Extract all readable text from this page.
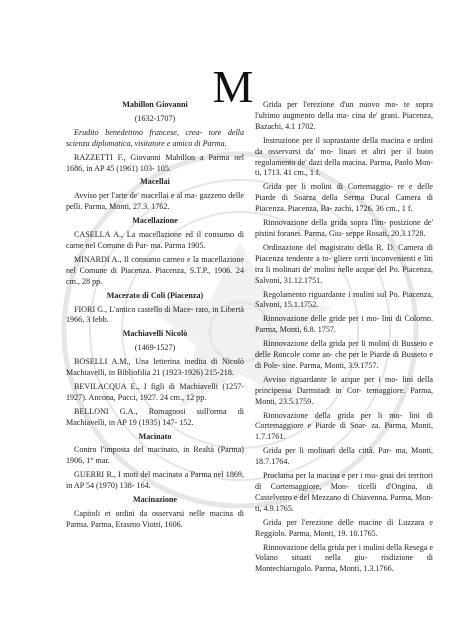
M

Mabillon Giovanni

(1632-1707)

Erudito benedettino francese, crea- tore della scienza diplomatica, visitatore e amico di Parma.

RAZZETTI F., Giovanni Mabillon a Parma nel 1686, in AP 45 (1961) 103- 105.

Macellai

Avviso per l'arte de' macellai e al ma- gazzeno delle pelli. Parma, Monti, 27.3. 1762.

Macellazione

CASELLA A., La macellazione ed il consumo di carne nel Comune di Par- ma. Parma 1905.

MINARDI A., Il consumo carneo e la macellazione nel Comune di Piacenza. Piacenza, S.T.P., 1906. 24 cm., 28 pp.

Macerato di Coli (Piacenza)

FIORI G., L'antico castello di Mace- rato, in Libertà 1966, 3 febb.

Machiavelli Nicolò

(1469-1527)

BOSELLI A.M., Una letterina inedita di Nicolò Machiavelli, in Bibliofilia 21 (1923-1926) 215-218.

BEVILACQUA E., I figli di Machiavelli (1257-1927). Ancona, Pucci, 1927. 24 cm., 12 pp.

BELLONI G.A., Romagnosi sull'orma di Machiavelli, in AP 19 (1935) 147- 152.

Macinato

Contro l'imposta del macinato, in Realtà (Parma) 1906, 1° mar.

GUERRI R., I moti del macinato a Parma nel 1869, in AP 54 (1970) 138- 164.

Macinazione

Capitoli et ordini da osservarsi nelle macina di Parma. Parma, Erasmo Viotti, 1606.

Grida per l'erezione d'un nuovo mo- te sopra l'ultimo augmento della ma- cina de' grani. Piacenza, Bazachi, 4.1 1702.

Instruzione per il soprastante della macina e ordini da osservarsi da' mo- linari et altri per il buon regolamento de' dazi della macina. Parma, Paolo Mon- ti, 1713. 41 cm., 1 f.

Grida per li molini di Cortemaggio- re e delle Piarde di Soarza della Serma Ducal Camera di Piacenza. Piacenza, Ba- zachi, 1726. 36 cm., 1 f.

Rinnovazione della grida sopra l'im- posizione de' pistini foranei. Parma, Giu- seppe Rosati, 20.3.1728.

Ordinazione del magistrato della R. D. Camera di Piacenza tendente a to- gliere certi inconvenienti e liti tra li molinari de' molini nelle acque del Po. Piacenza, Salvoni, 31.12.1751.

Regolamento riguardante i mulini sul Po. Piacenza, Salvoni, 15.1.1752.

Rinnovazione delle gride per i mo- lini di Colorno. Parma, Monti, 6.8. 1757.

Rinnovazione della grida per li molini di Busseto e delle Roncole come an- che per le Piarde di Busseto e di Pole- sine. Parma, Monti, 3.9.1757.

Avviso riguardante le acque per i mo- lini della principessa Darmstadt in Cor- temaggiore. Parma, Monti, 23.5.1759.

Rinnovazione della grida per li mo- lini di Cortemaggiore e Piarde di Soar- za. Parma, Monti, 1.7.1761.

Grida per li molinari della città. Par- ma, Monti, 18.7.1764.

Proclama per la macina e per i mu- gnai dei territori di Cortemaggiore, Mon- ticelli d'Ongina, di Castelvetro e del Mezzano di Chiavenna. Parma, Mon- ti, 4.9.1765.

Grida per l'erezione delle macine di Luzzara e Reggiolo. Parma, Monti, 19. 10.1765.

Rinnovazione della grida per i mulini della Resega e Volano situati nella giu- risdizione di Montechiarugolo. Parma, Monti, 1.3.1766.
